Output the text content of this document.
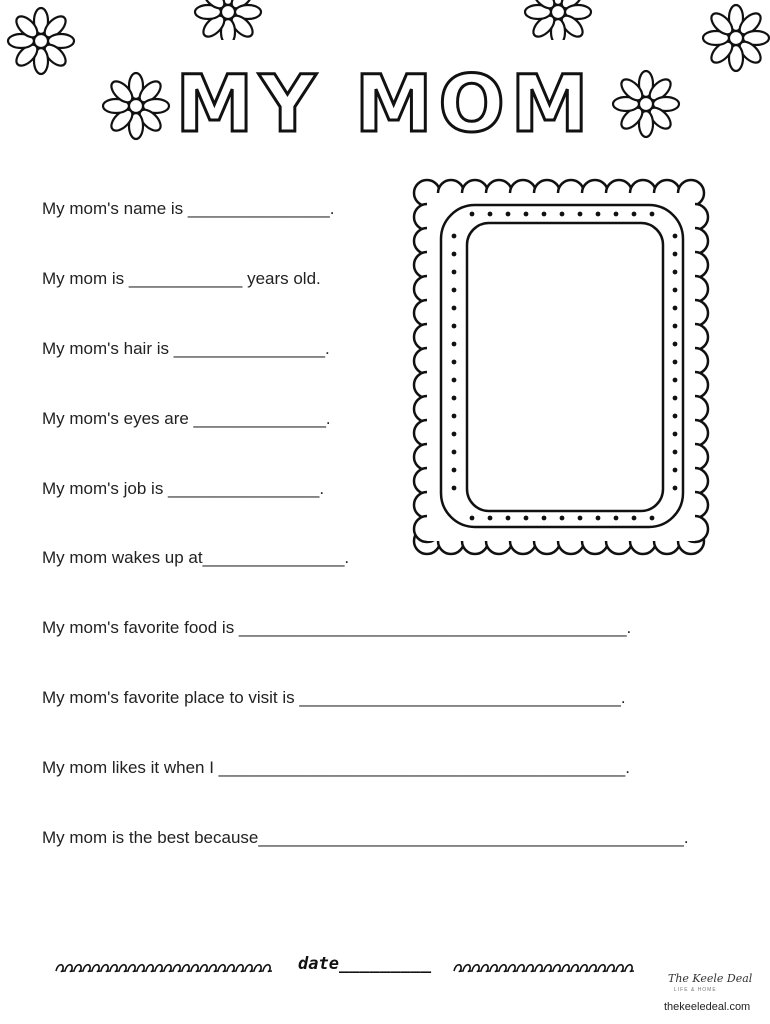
MY MOM
My mom's name is _______________.
My mom is ____________ years old.
My mom's hair is ________________.
My mom's eyes are ______________.
My mom's job is ________________.
My mom wakes up at_______________.
My mom's favorite food is _________________________________________.
My mom's favorite place to visit is __________________________________.
My mom likes it when I ___________________________________________.
My mom is the best because_____________________________________________.
date_________
The Keele Deal
LIFE & HOME
thekeeledeal.com
